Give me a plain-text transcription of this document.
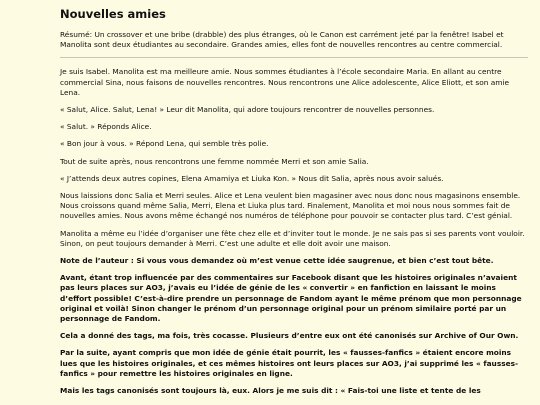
Nouvelles amies

Résumé: Un crossover et une bribe (drabble) des plus étranges, où le Canon est carrément jeté par la fenêtre! Isabel et Manolita sont deux étudiantes au secondaire. Grandes amies, elles font de nouvelles rencontres au centre commercial.

Je suis Isabel. Manolita est ma meilleure amie. Nous sommes étudiantes à l’école secondaire Maria. En allant au centre commercial Sina, nous faisons de nouvelles rencontres. Nous rencontrons une Alice adolescente, Alice Eliott, et son amie Lena.

« Salut, Alice. Salut, Lena! » Leur dit Manolita, qui adore toujours rencontrer de nouvelles personnes.

« Salut. » Réponds Alice.

« Bon jour à vous. » Répond Lena, qui semble très polie.

Tout de suite après, nous rencontrons une femme nommée Merri et son amie Salia.

« J’attends deux autres copines, Elena Amamiya et Liuka Kon. » Nous dit Salia, après nous avoir salués.

Nous laissions donc Salia et Merri seules. Alice et Lena veulent bien magasiner avec nous donc nous magasinons ensemble. Nous croissons quand même Salia, Merri, Elena et Liuka plus tard. Finalement, Manolita et moi nous nous sommes fait de nouvelles amies. Nous avons même échangé nos numéros de téléphone pour pouvoir se contacter plus tard. C’est génial.

Manolita a même eu l’idée d’organiser une fête chez elle et d’inviter tout le monde. Je ne sais pas si ses parents vont vouloir. Sinon, on peut toujours demander à Merri. C’est une adulte et elle doit avoir une maison.

Note de l’auteur : Si vous vous demandez où m’est venue cette idée saugrenue, et bien c’est tout bête.

Avant, étant trop influencée par des commentaires sur Facebook disant que les histoires originales n’avaient pas leurs places sur AO3, j’avais eu l’idée de génie de les « convertir » en fanfiction en laissant le moins d’effort possible! C’est-à-dire prendre un personnage de Fandom ayant le même prénom que mon personnage original et voilà! Sinon changer le prénom d’un personnage original pour un prénom similaire porté par un personnage de Fandom.

Cela a donné des tags, ma fois, très cocasse. Plusieurs d’entre eux ont été canonisés sur Archive of Our Own.

Par la suite, ayant compris que mon idée de génie était pourrit, les « fausses-fanfics » étaient encore moins lues que les histoires originales, et ces mêmes histoires ont leurs places sur AO3, j’ai supprimé les « fausses-fanfics » pour remettre les histoires originales en ligne.

Mais les tags canonisés sont toujours là, eux. Alors je me suis dit : « Fais-toi une liste et tente de les
